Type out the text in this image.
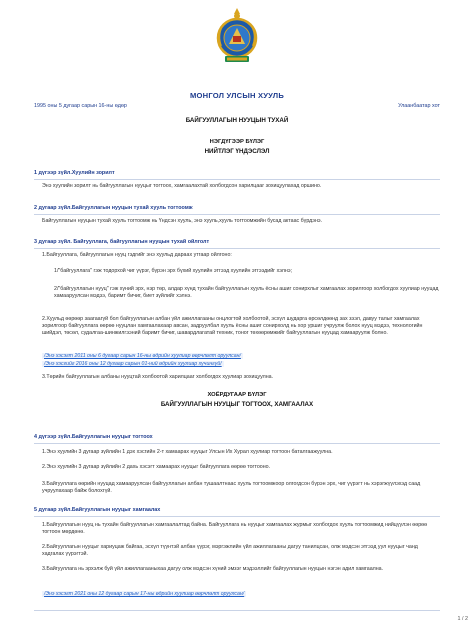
МОНГОЛ УЛСЫН ХУУЛЬ
1995 оны 5 дугаар сарын 16-ны өдөр	Улаанбаатар хот
БАЙГУУЛЛАГЫН НУУЦЫН ТУХАЙ
НЭГДҮГЭЭР БҮЛЭГ
НИЙТЛЭГ ҮНДЭСЛЭЛ
1 дүгээр зүйл.Хуулийн зорилт
Энэ хуулийн зорилт нь байгууллагын нууцыг тогтоох, хамгаалахтай холбогдсон харилцааг зохицуулахад оршино.
2 дугаар зүйл.Байгууллагын нууцын тухай хууль тогтоомж
Байгууллагын нууцын тухай хууль тогтоомж нь Үндсэн хууль, энэ хууль,хууль тогтоомжийн бусад актаас бүрдэнэ.
3 дугаар зүйл. Байгууллага, байгууллагын нууцын тухай ойлголт
1.Байгууллага, байгууллагын нууц гэдгийг энэ хуульд дараах утгаар ойлгоно:
1/"байгууллага" гэж тодорхой чиг үүрэг, бүрэн эрх бүхий хуулийн этгээд хуулийн этгээдийг хэлнэ;
2/"байгууллагын нууц" гэж хүний эрх, нэр төр, алдар хүнд тухайн байгууллагын хууль ёсны ашиг сонирхлыг хамгаалах зорилгоор холбогдох хуулиар нууцад хамааруулсан мэдээ, баримт бичиг, биет зүйлийг хэлнэ.
2.Хуульд өөрөөр заагаагүй бол байгууллагын албан үйл ажиллагааны онцлогтой холбоотой, эсхүл шударга өрсөлдөөнд зах зээл, давуу талыг хамгаалах зорилгоор байгууллага өөрөө нууцлан хамгаалахаар авсан, задруулбал хууль ёсны ашиг сонирхолд нь хор уршиг учруулж болох нууц мэдээ, технологийн шийдэл, төсөл, судалгаа-шинжилгээний баримт бичиг, шавардлагатай техник, тоног төхөөрөмжийг байгууллагын нууцад хамааруулж болно.
/Энэ хэсэгт 2011 оны 6 дугаар сарын 16-ны өдрийн хуулиар өөрчлөлт оруулсан/
/Энэ хэсгийг 2016 оны 12 дугаар сарын 01-ний өдрийн хуулиар хүчингүй/
3.Төрийн байгууллагын албаны нууцтай холбоотой харилцааг холбогдох хуулиар зохицуулна.
ХОЁРДУГААР БҮЛЭГ
БАЙГУУЛЛАГЫН НУУЦЫГ ТОГТООХ, ХАМГААЛАХ
4 дүгээр зүйл.Байгууллагын нууцыг тогтоох
1.Энэ хуулийн 3 дугаар зүйлийн 1 дэх хэсгийн 2-т хамаарах нууцыг Улсын Их Хурал хуулиар тогтоон баталгаажуулна.
2.Энэ хуулийн 3 дугаар зүйлийн 2 дахь хэсэгт хамаарах нууцыг байгууллага өөрөө тогтооно.
3.Байгууллага өөрийн нууцад хамааруулсан байгууллагын албан тушаалтнаас хууль тогтоомжоор олгогдсон бүрэн эрх, чиг үүрэгт нь хэрэгжүүлэхэд саад учруулахаар байж болохгүй.
5 дугаар зүйл.Байгууллагын нууцыг хамгаалах
1.Байгууллагын нууц нь тухайн байгууллагын хамгаалалтад байна. Байгууллага нь нууцыг хамгаалах журмыг холбогдох хууль тогтоомжид нийцүүлэн өөрөө тогтоон мөрдөнө.
2.Байгууллагын нууцыг хариуцаж байгаа, эсхүл түүнтэй албан үүрэг, мэргэжлийн үйл ажиллагааны дагуу танилцсан, олж мэдсэн этгээд уул нууцыг чанд хадгалах үүрэгтэй.
3.Байгууллага нь эрхэлж буй үйл ажиллагааныхаа дагуу олж мэдсэн хүний эмзэг мэдээллийг байгууллагын нууцын нэгэн адил хамгаална.
/Энэ хэсэгт 2021 оны 12 дугаар сарын 17-ны өдрийн хуулиар өөрчлөлт оруулсан/
1 / 2
